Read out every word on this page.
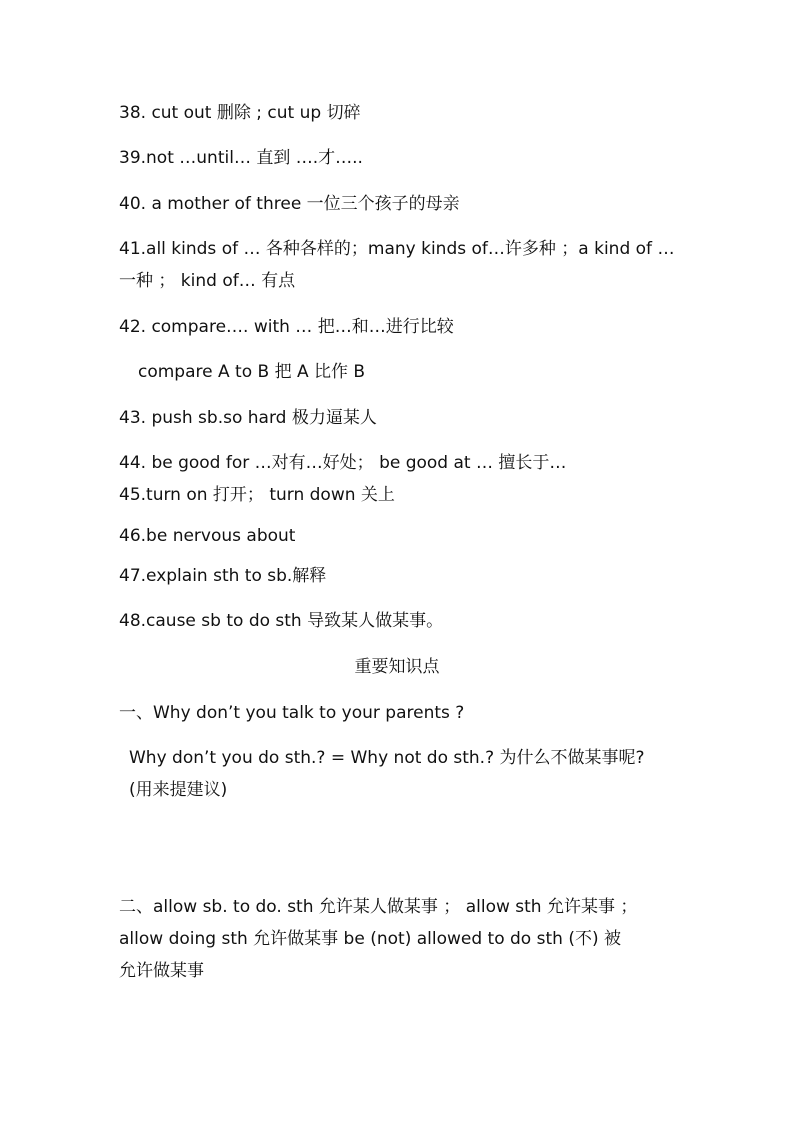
38. cut out 删除 ; cut up 切碎
39.not …until… 直到 ….才…..
40. a mother of three 一位三个孩子的母亲
41.all kinds of … 各种各样的；many kinds of…许多种 ；a kind of …
一种 ； kind of… 有点
42. compare…. with … 把…和…进行比较
compare A to B 把 A 比作 B
43. push sb.so hard 极力逼某人
44. be good for …对有…好处； be good at … 擅长于…
45.turn on 打开； turn down 关上
46.be nervous about
47.explain sth to sb.解释
48.cause sb to do sth 导致某人做某事。
重要知识点
一、Why don’t you talk to your parents ?
Why don’t you do sth.? = Why not do sth.? 为什么不做某事呢?
(用来提建议)
二、allow sb. to do. sth 允许某人做某事 ； allow sth 允许某事 ；
allow doing sth 允许做某事 be (not) allowed to do sth (不) 被
允许做某事
